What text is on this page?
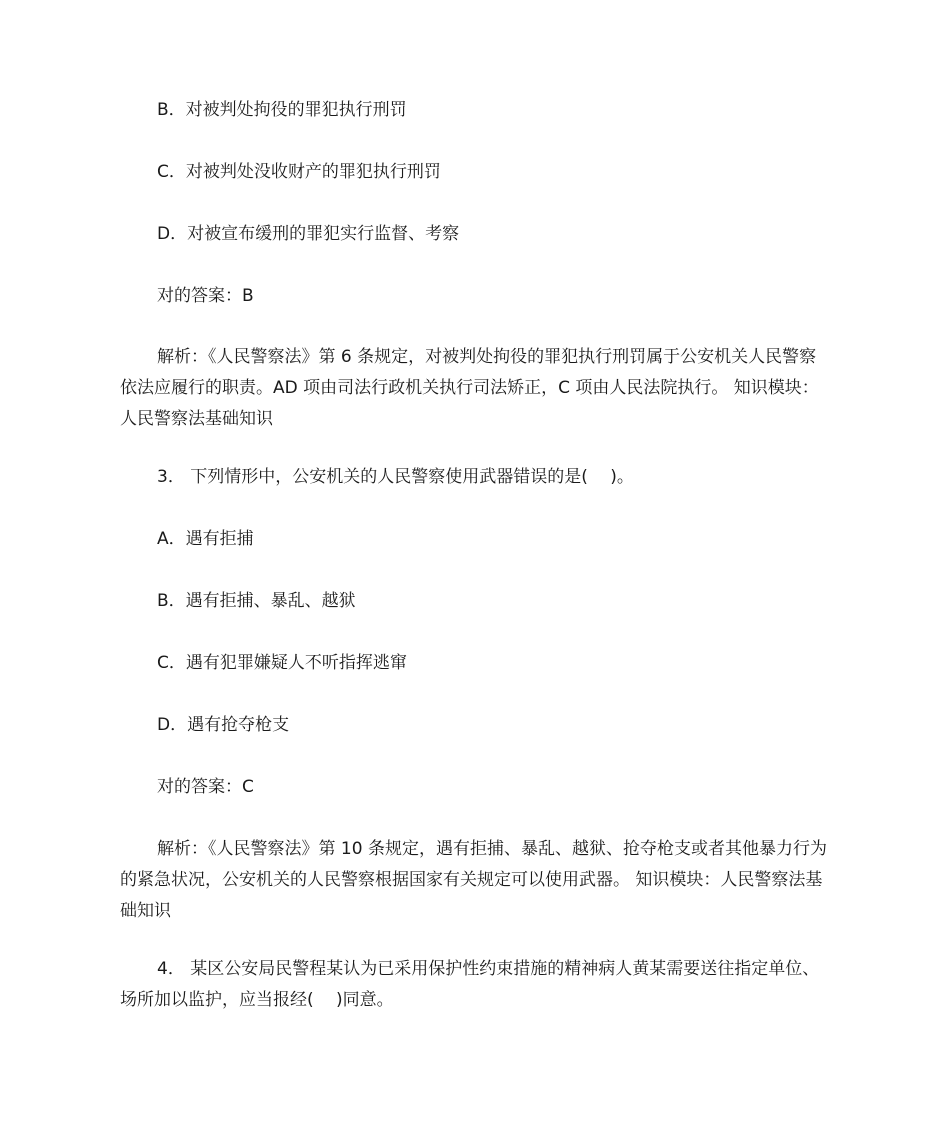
B．对被判处拘役的罪犯执行刑罚

C．对被判处没收财产的罪犯执行刑罚

D．对被宣布缓刑的罪犯实行监督、考察

对的答案：B

解析：《人民警察法》第 6 条规定，对被判处拘役的罪犯执行刑罚属于公安机关人民警察依法应履行的职责。AD 项由司法行政机关执行司法矫正，C 项由人民法院执行。 知识模块：人民警察法基础知识

3． 下列情形中，公安机关的人民警察使用武器错误的是(　 )。

A．遇有拒捕

B．遇有拒捕、暴乱、越狱

C．遇有犯罪嫌疑人不听指挥逃窜

D．遇有抢夺枪支

对的答案：C

解析：《人民警察法》第 10 条规定，遇有拒捕、暴乱、越狱、抢夺枪支或者其他暴力行为的紧急状况，公安机关的人民警察根据国家有关规定可以使用武器。 知识模块：人民警察法基础知识

4． 某区公安局民警程某认为已采用保护性约束措施的精神病人黄某需要送往指定单位、场所加以监护，应当报经(　 )同意。
